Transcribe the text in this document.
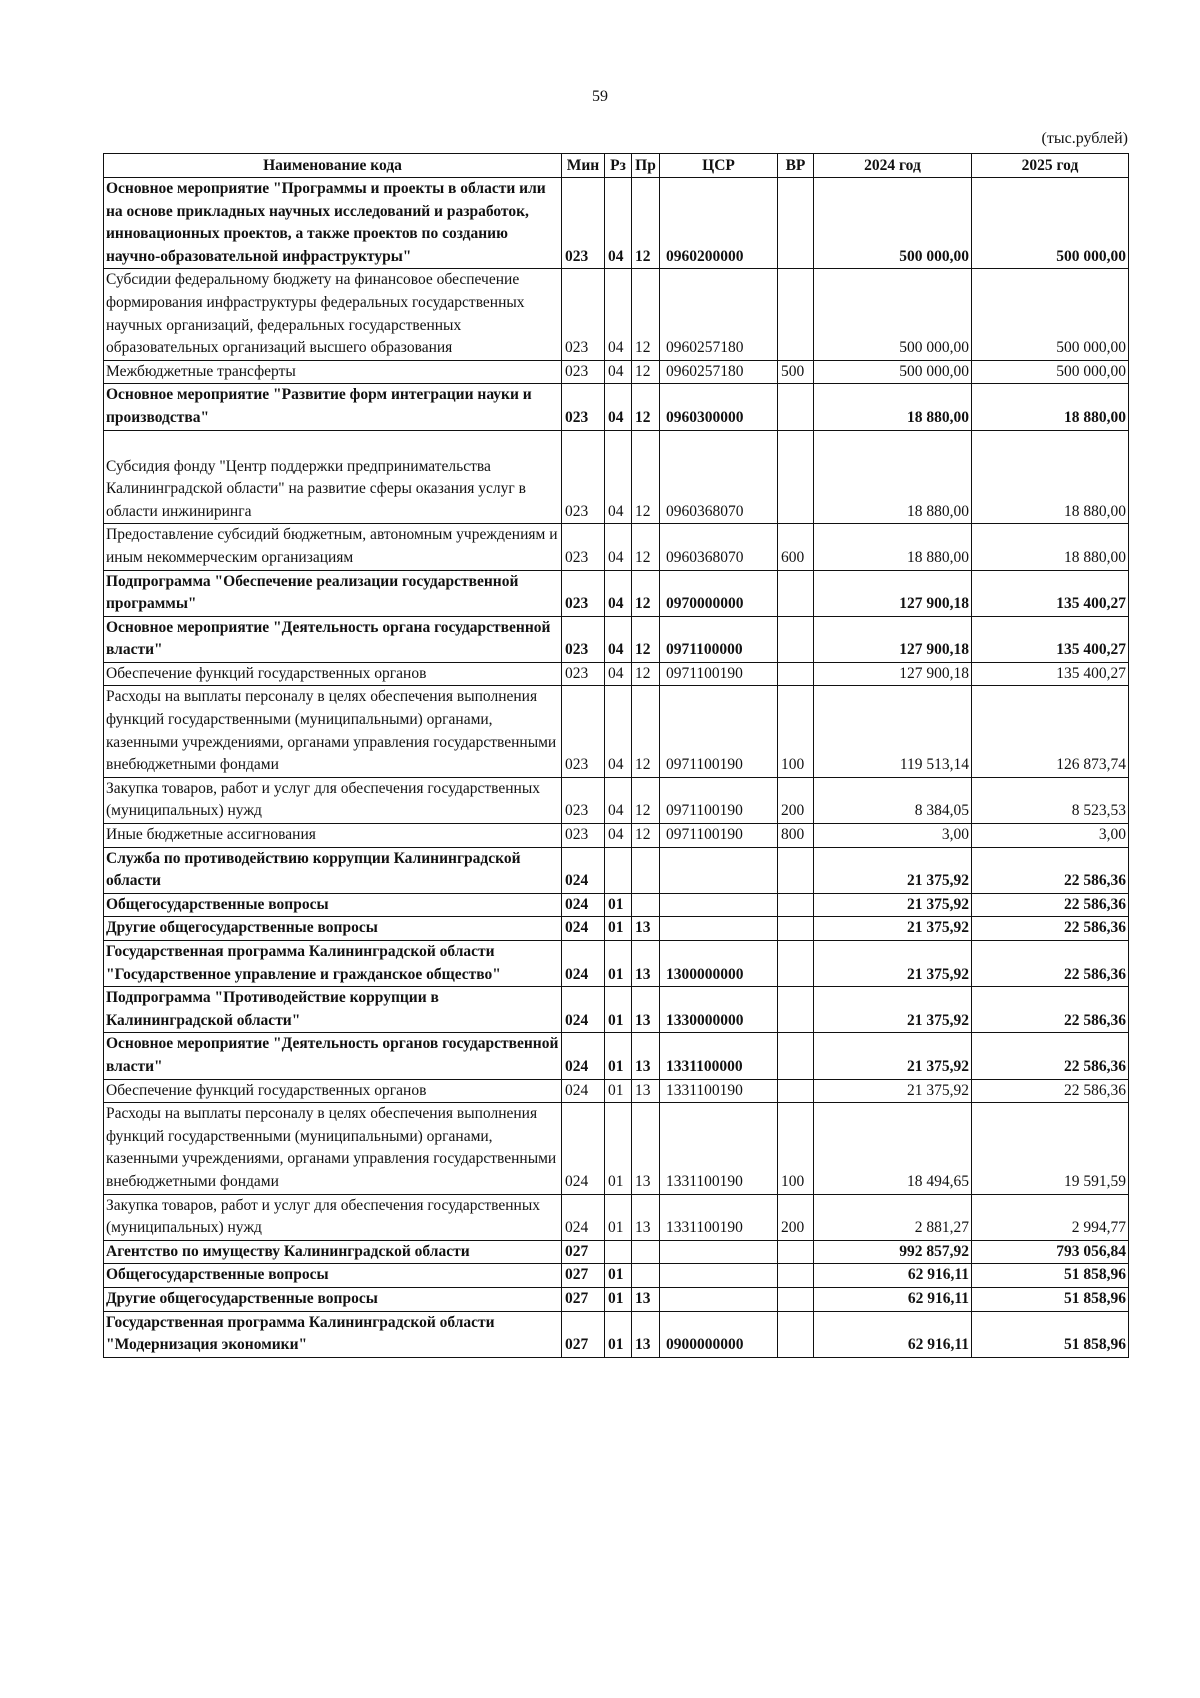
59
(тыс.рублей)
Наименование кода	Мин	Рз	Пр	ЦСР	ВР	2024 год	2025 год
Основное мероприятие "Программы и проекты в области или на основе прикладных научных исследований и разработок, инновационных проектов, а также проектов по созданию научно-образовательной инфраструктуры"	023	04	12	0960200000		500 000,00	500 000,00
Субсидии федеральному бюджету на финансовое обеспечение формирования инфраструктуры федеральных государственных научных организаций, федеральных государственных образовательных организаций высшего образования	023	04	12	0960257180		500 000,00	500 000,00
Межбюджетные трансферты	023	04	12	0960257180	500	500 000,00	500 000,00
Основное мероприятие "Развитие форм интеграции науки и производства"	023	04	12	0960300000		18 880,00	18 880,00
Субсидия фонду "Центр поддержки предпринимательства Калининградской области" на развитие сферы оказания услуг в области инжиниринга	023	04	12	0960368070		18 880,00	18 880,00
Предоставление субсидий бюджетным, автономным учреждениям и иным некоммерческим организациям	023	04	12	0960368070	600	18 880,00	18 880,00
Подпрограмма "Обеспечение реализации государственной программы"	023	04	12	0970000000		127 900,18	135 400,27
Основное мероприятие "Деятельность органа государственной власти"	023	04	12	0971100000		127 900,18	135 400,27
Обеспечение функций государственных органов	023	04	12	0971100190		127 900,18	135 400,27
Расходы на выплаты персоналу в целях обеспечения выполнения функций государственными (муниципальными) органами, казенными учреждениями, органами управления государственными внебюджетными фондами	023	04	12	0971100190	100	119 513,14	126 873,74
Закупка товаров, работ и услуг для обеспечения государственных (муниципальных) нужд	023	04	12	0971100190	200	8 384,05	8 523,53
Иные бюджетные ассигнования	023	04	12	0971100190	800	3,00	3,00
Служба по противодействию коррупции Калининградской области	024					21 375,92	22 586,36
Общегосударственные вопросы	024	01				21 375,92	22 586,36
Другие общегосударственные вопросы	024	01	13			21 375,92	22 586,36
Государственная программа Калининградской области "Государственное управление и гражданское общество"	024	01	13	1300000000		21 375,92	22 586,36
Подпрограмма "Противодействие коррупции в Калининградской области"	024	01	13	1330000000		21 375,92	22 586,36
Основное мероприятие "Деятельность органов государственной власти"	024	01	13	1331100000		21 375,92	22 586,36
Обеспечение функций государственных органов	024	01	13	1331100190		21 375,92	22 586,36
Расходы на выплаты персоналу в целях обеспечения выполнения функций государственными (муниципальными) органами, казенными учреждениями, органами управления государственными внебюджетными фондами	024	01	13	1331100190	100	18 494,65	19 591,59
Закупка товаров, работ и услуг для обеспечения государственных (муниципальных) нужд	024	01	13	1331100190	200	2 881,27	2 994,77
Агентство по имуществу Калининградской области	027					992 857,92	793 056,84
Общегосударственные вопросы	027	01				62 916,11	51 858,96
Другие общегосударственные вопросы	027	01	13			62 916,11	51 858,96
Государственная программа Калининградской области "Модернизация экономики"	027	01	13	0900000000		62 916,11	51 858,96
